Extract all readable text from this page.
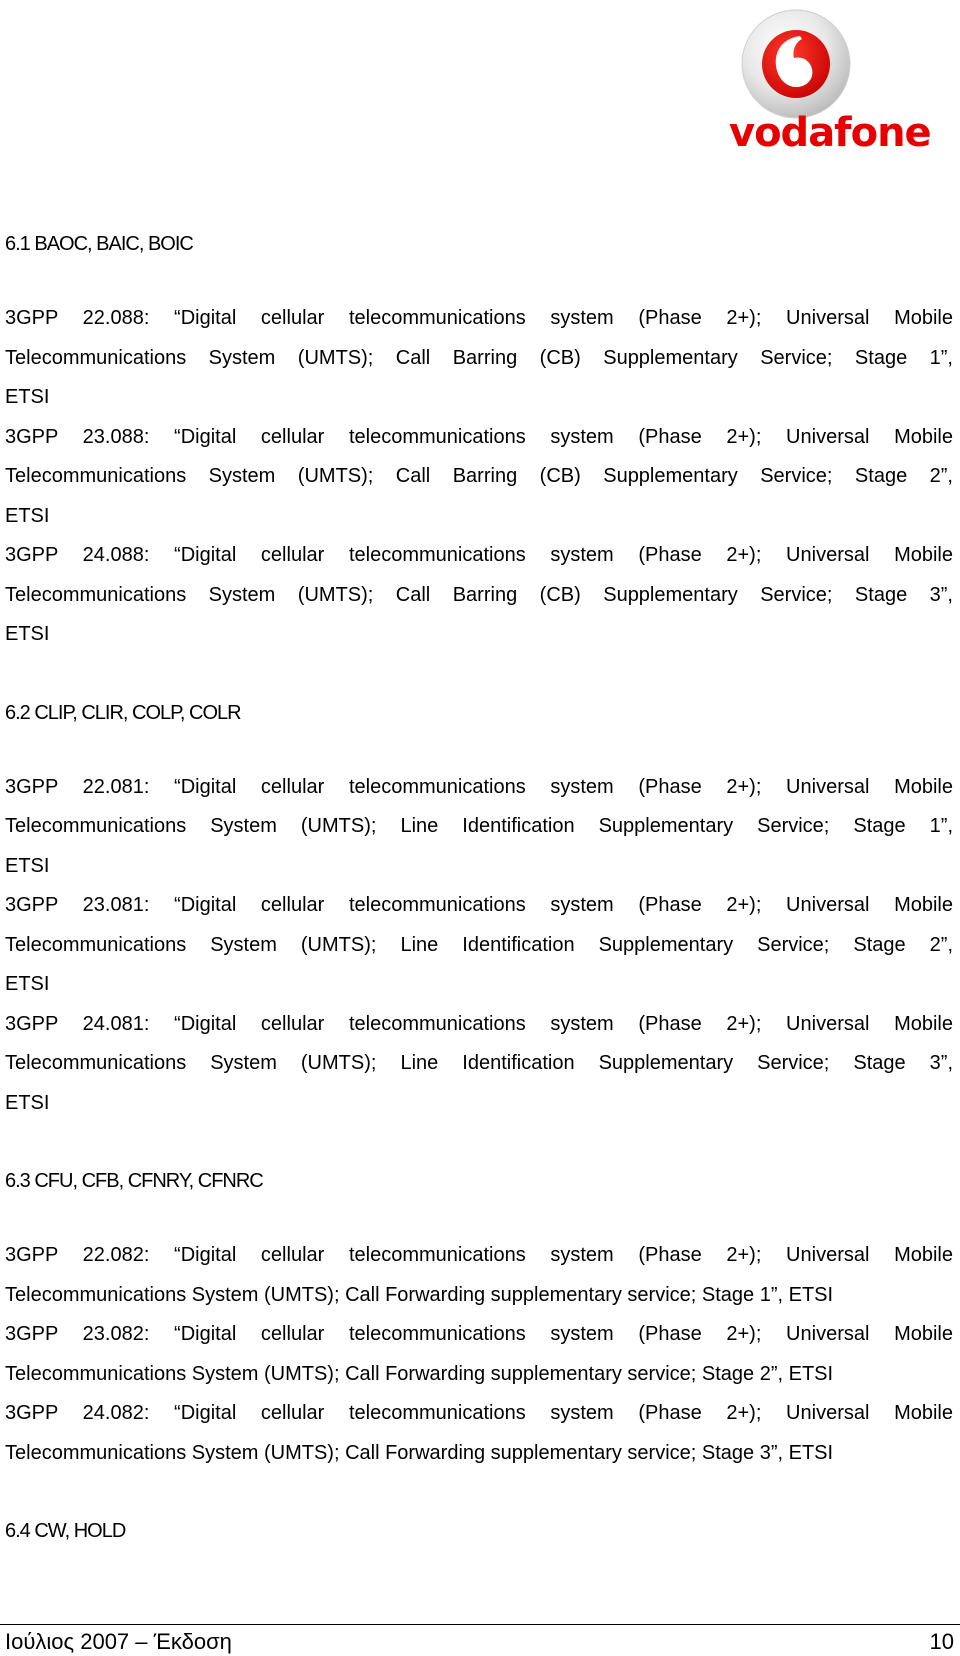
vodafone
6.1 BAOC, BAIC, BOIC
3GPP 22.088: “Digital cellular telecommunications system (Phase 2+); Universal Mobile
Telecommunications System (UMTS); Call Barring (CB) Supplementary Service; Stage 1”,
ETSI
3GPP 23.088: “Digital cellular telecommunications system (Phase 2+); Universal Mobile
Telecommunications System (UMTS); Call Barring (CB) Supplementary Service; Stage 2”,
ETSI
3GPP 24.088: “Digital cellular telecommunications system (Phase 2+); Universal Mobile
Telecommunications System (UMTS); Call Barring (CB) Supplementary Service; Stage 3”,
ETSI
6.2 CLIP, CLIR, COLP, COLR
3GPP 22.081: “Digital cellular telecommunications system (Phase 2+); Universal Mobile
Telecommunications System (UMTS); Line Identification Supplementary Service; Stage 1”,
ETSI
3GPP 23.081: “Digital cellular telecommunications system (Phase 2+); Universal Mobile
Telecommunications System (UMTS); Line Identification Supplementary Service; Stage 2”,
ETSI
3GPP 24.081: “Digital cellular telecommunications system (Phase 2+); Universal Mobile
Telecommunications System (UMTS); Line Identification Supplementary Service; Stage 3”,
ETSI
6.3 CFU, CFB, CFNRY, CFNRC
3GPP 22.082: “Digital cellular telecommunications system (Phase 2+); Universal Mobile
Telecommunications System (UMTS); Call Forwarding supplementary service; Stage 1”, ETSI
3GPP 23.082: “Digital cellular telecommunications system (Phase 2+); Universal Mobile
Telecommunications System (UMTS); Call Forwarding supplementary service; Stage 2”, ETSI
3GPP 24.082: “Digital cellular telecommunications system (Phase 2+); Universal Mobile
Telecommunications System (UMTS); Call Forwarding supplementary service; Stage 3”, ETSI
6.4 CW, HOLD
Ιούλιος 2007 – Έκδοση	10
